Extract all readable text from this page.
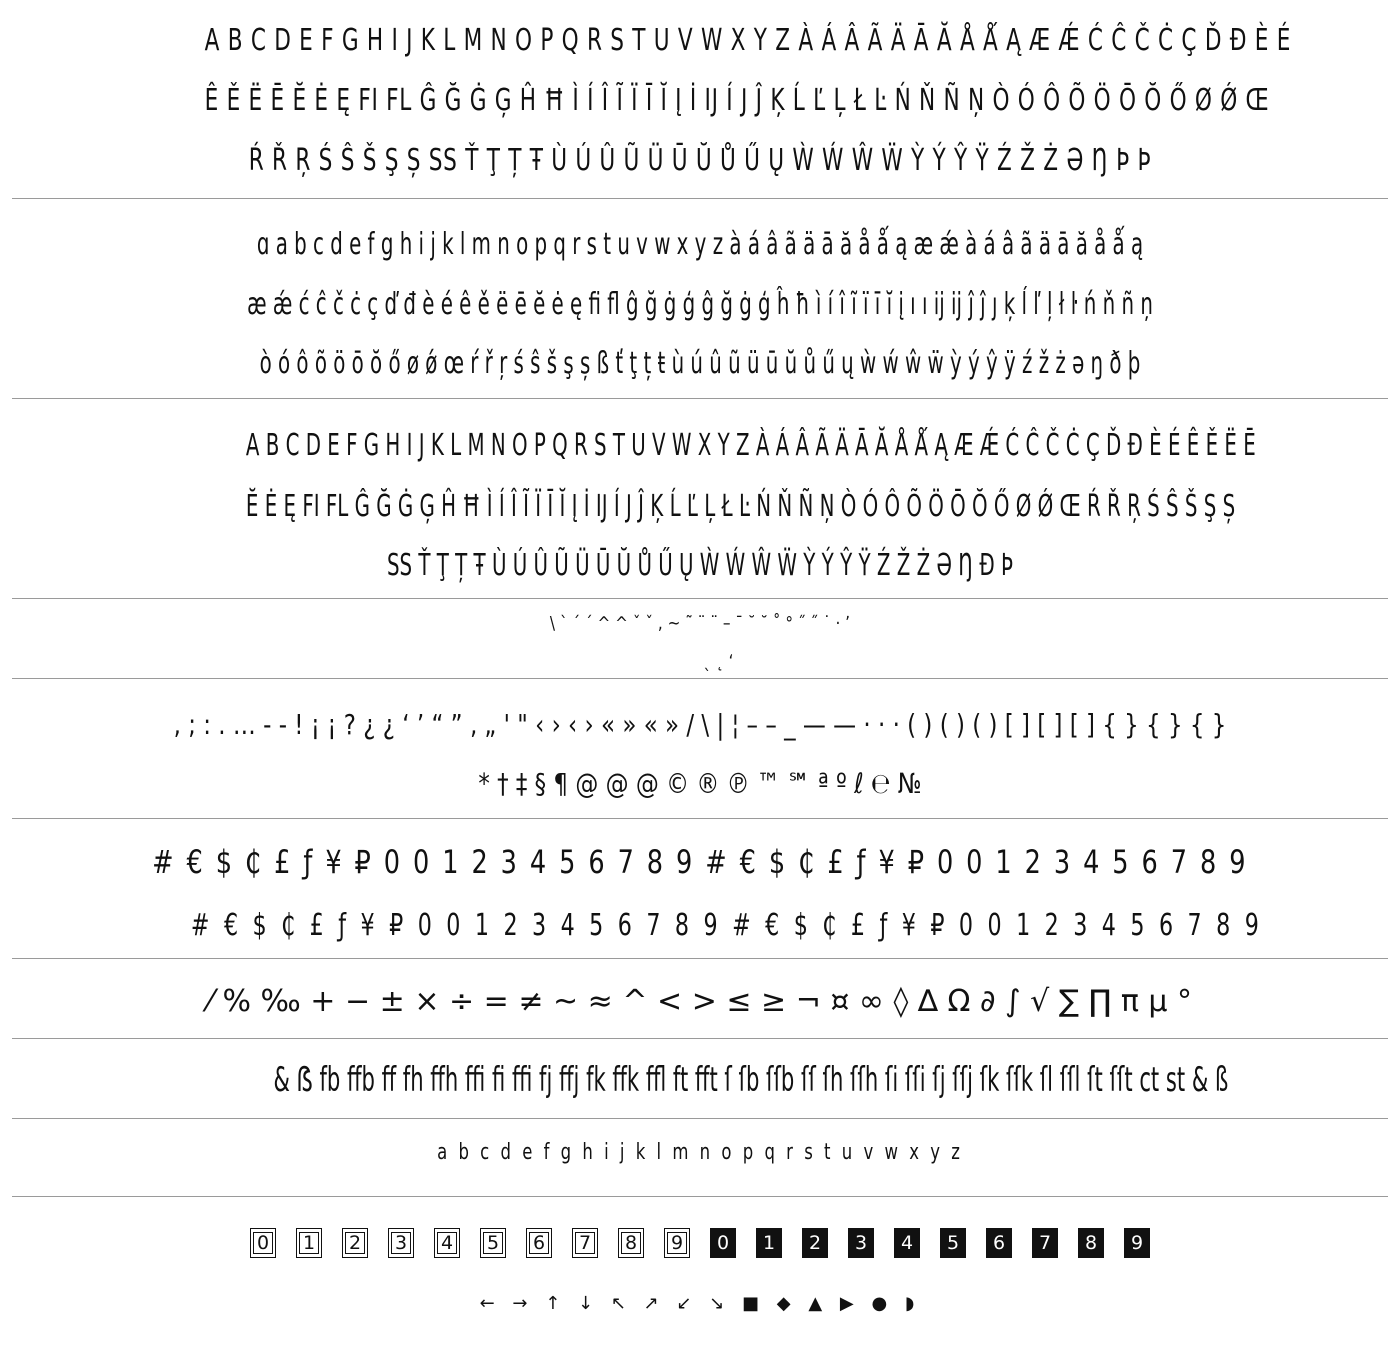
A B C D E F G H I J K L M N O P Q R S T U V W X Y Z À Á Â Ã Ä Ā Ă Å Ǻ Ą Æ Ǽ Ć Ĉ Č Ċ Ç Ď Đ È É
Ê Ě Ë Ē Ĕ Ė Ę FI FL Ĝ Ğ Ġ Ģ Ĥ Ħ Ì Í Î Ĩ Ï Ī Ĭ Į İ IJ Í J Ĵ Ķ Ĺ Ľ Ļ Ł Ŀ Ń Ň Ñ Ņ Ò Ó Ô Õ Ö Ō Ŏ Ő Ø Ǿ Œ
Ŕ Ř Ŗ Ś Ŝ Š Ş Ș SS Ť Ţ Ț Ŧ Ù Ú Û Ũ Ü Ū Ŭ Ů Ű Ų Ẁ Ẃ Ŵ Ẅ Ỳ Ý Ŷ Ÿ Ź Ž Ż Ə Ŋ Þ Þ
ɑ a b c d e f g h i j k l m n o p q r s t u v w x y z à á â ã ä ā ă å ǻ ą æ ǽ à á â ã ä ā ă å ǻ ą
æ ǽ ć ĉ č ċ ç ď đ è é ê ě ë ē ĕ ė ę ﬁ ﬂ ĝ ğ ġ ģ ĝ ğ ġ ģ ĥ ħ ì í î ĩ ï ī ĭ į ı ı ĳ ĳ ĵ ĵ ȷ ķ ĺ ľ ļ ł ŀ ń ň ñ ņ
ò ó ô õ ö ō ŏ ő ø ǿ œ ŕ ř ŗ ś ŝ š ş ș ß ť ţ ț ŧ ù ú û ũ ü ū ŭ ů ű ų ẁ ẃ ŵ ẅ ỳ ý ŷ ÿ ź ž ż ə ŋ ð þ
A B C D E F G H I J K L M N O P Q R S T U V W X Y Z À Á Â Ã Ä Ā Ă Å Ǻ Ą Æ Ǽ Ć Ĉ Č Ċ Ç Ď Đ È É Ê Ě Ë Ē
Ĕ Ė Ę FI FL Ĝ Ğ Ġ Ģ Ĥ Ħ Ì Í Î Ĩ Ï Ī Ĭ Į İ IJ Í J Ĵ Ķ Ĺ Ľ Ļ Ł Ŀ Ń Ň Ñ Ņ Ò Ó Ô Õ Ö Ō Ŏ Ő Ø Ǿ Œ Ŕ Ř Ŗ Ś Ŝ Š Ş Ș
SS Ť Ţ Ț Ŧ Ù Ú Û Ũ Ü Ū Ŭ Ů Ű Ų Ẁ Ẃ Ŵ Ẅ Ỳ Ý Ŷ Ÿ Ź Ž Ż Ə Ŋ Đ Þ
\ ` ´ ´ ^ ^ ˇ ˇ , ~ ˜ ¨ ¨ – ¯ ˘ ˘ ˚ ° ˝ ˝ ˙ · ʼ
ˎ ˛ ʻ
, ; : . … - - ! ¡ ¡ ? ¿ ¿ ‘ ’ “ ” ‚ „ ' " ‹ › ‹ › « » « » / \ | ¦ – – _ — — · · · ( ) ( ) ( ) [ ] [ ] [ ] { } { } { }
* † ‡ § ¶ @ @ @ © ® ℗ ™ ℠ ª º ℓ ℮ №
# € $ ₵ £ ƒ ¥ ₽ 0 0 1 2 3 4 5 6 7 8 9 # € $ ₵ £ ƒ ¥ ₽ 0 0 1 2 3 4 5 6 7 8 9
# € $ ₵ £ ƒ ¥ ₽ 0 0 1 2 3 4 5 6 7 8 9 # € $ ₵ £ ƒ ¥ ₽ 0 0 1 2 3 4 5 6 7 8 9
⁄ % ‰ + − ± × ÷ = ≠ ~ ≈ ^ < > ≤ ≥ ¬ ¤ ∞ ◊ ∆ Ω ∂ ∫ √ ∑ ∏ π µ °
& ẞ fb ffb ff fh ffh ffi fi ffi fj ffj fk ffk ffl ft fft ſ ſb ſſb ſſ ſh ſſh ſi ſſi ſj ſſj ſk ſſk ſl ſſl ſt ſſt ct st & ß
a b c d e f g h i j k l m n o p q r s t u v w x y z
0 1 2 3 4 5 6 7 8 9	0	1	2	3	4	5	6	7	8	9
← → ↑ ↓ ↖ ↗ ↙ ↘ ■ ◆ ▲ ▶ ● ◗
